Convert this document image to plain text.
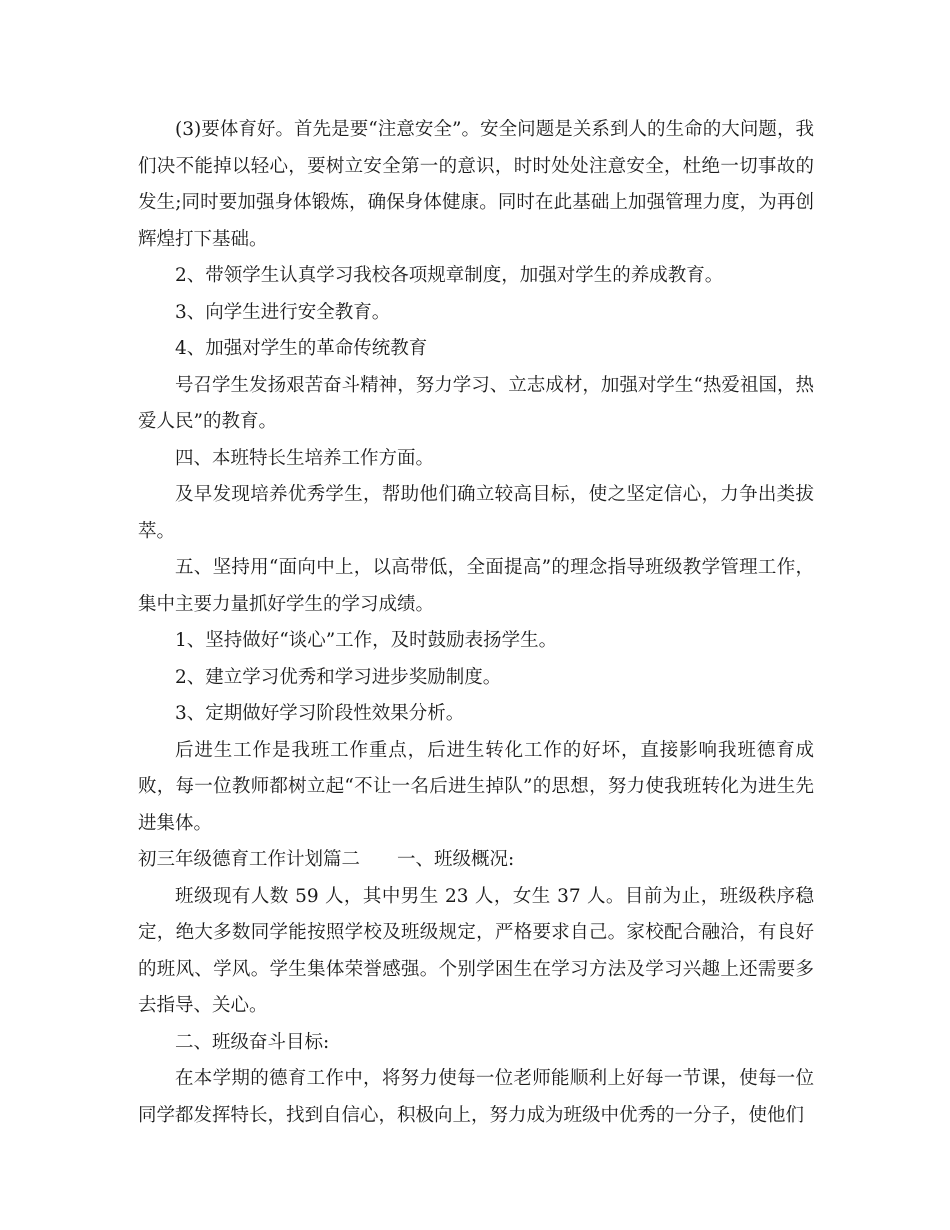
(3)要体育好。首先是要“注意安全”。安全问题是关系到人的生命的大问题，我们决不能掉以轻心，要树立安全第一的意识，时时处处注意安全，杜绝一切事故的发生;同时要加强身体锻炼，确保身体健康。同时在此基础上加强管理力度，为再创辉煌打下基础。

2、带领学生认真学习我校各项规章制度，加强对学生的养成教育。

3、向学生进行安全教育。

4、加强对学生的革命传统教育

号召学生发扬艰苦奋斗精神，努力学习、立志成材，加强对学生“热爱祖国，热爱人民”的教育。

四、本班特长生培养工作方面。

及早发现培养优秀学生，帮助他们确立较高目标，使之坚定信心，力争出类拔萃。

五、坚持用“面向中上，以高带低，全面提高”的理念指导班级教学管理工作，集中主要力量抓好学生的学习成绩。

1、坚持做好“谈心”工作，及时鼓励表扬学生。

2、建立学习优秀和学习进步奖励制度。

3、定期做好学习阶段性效果分析。

后进生工作是我班工作重点，后进生转化工作的好坏，直接影响我班德育成败，每一位教师都树立起“不让一名后进生掉队”的思想，努力使我班转化为进生先进集体。

初三年级德育工作计划篇二　　一、班级概况:

班级现有人数 59 人，其中男生 23 人，女生 37 人。目前为止，班级秩序稳定，绝大多数同学能按照学校及班级规定，严格要求自己。家校配合融洽，有良好的班风、学风。学生集体荣誉感强。个别学困生在学习方法及学习兴趣上还需要多去指导、关心。

二、班级奋斗目标:

在本学期的德育工作中，将努力使每一位老师能顺利上好每一节课，使每一位同学都发挥特长，找到自信心，积极向上，努力成为班级中优秀的一分子，使他们
